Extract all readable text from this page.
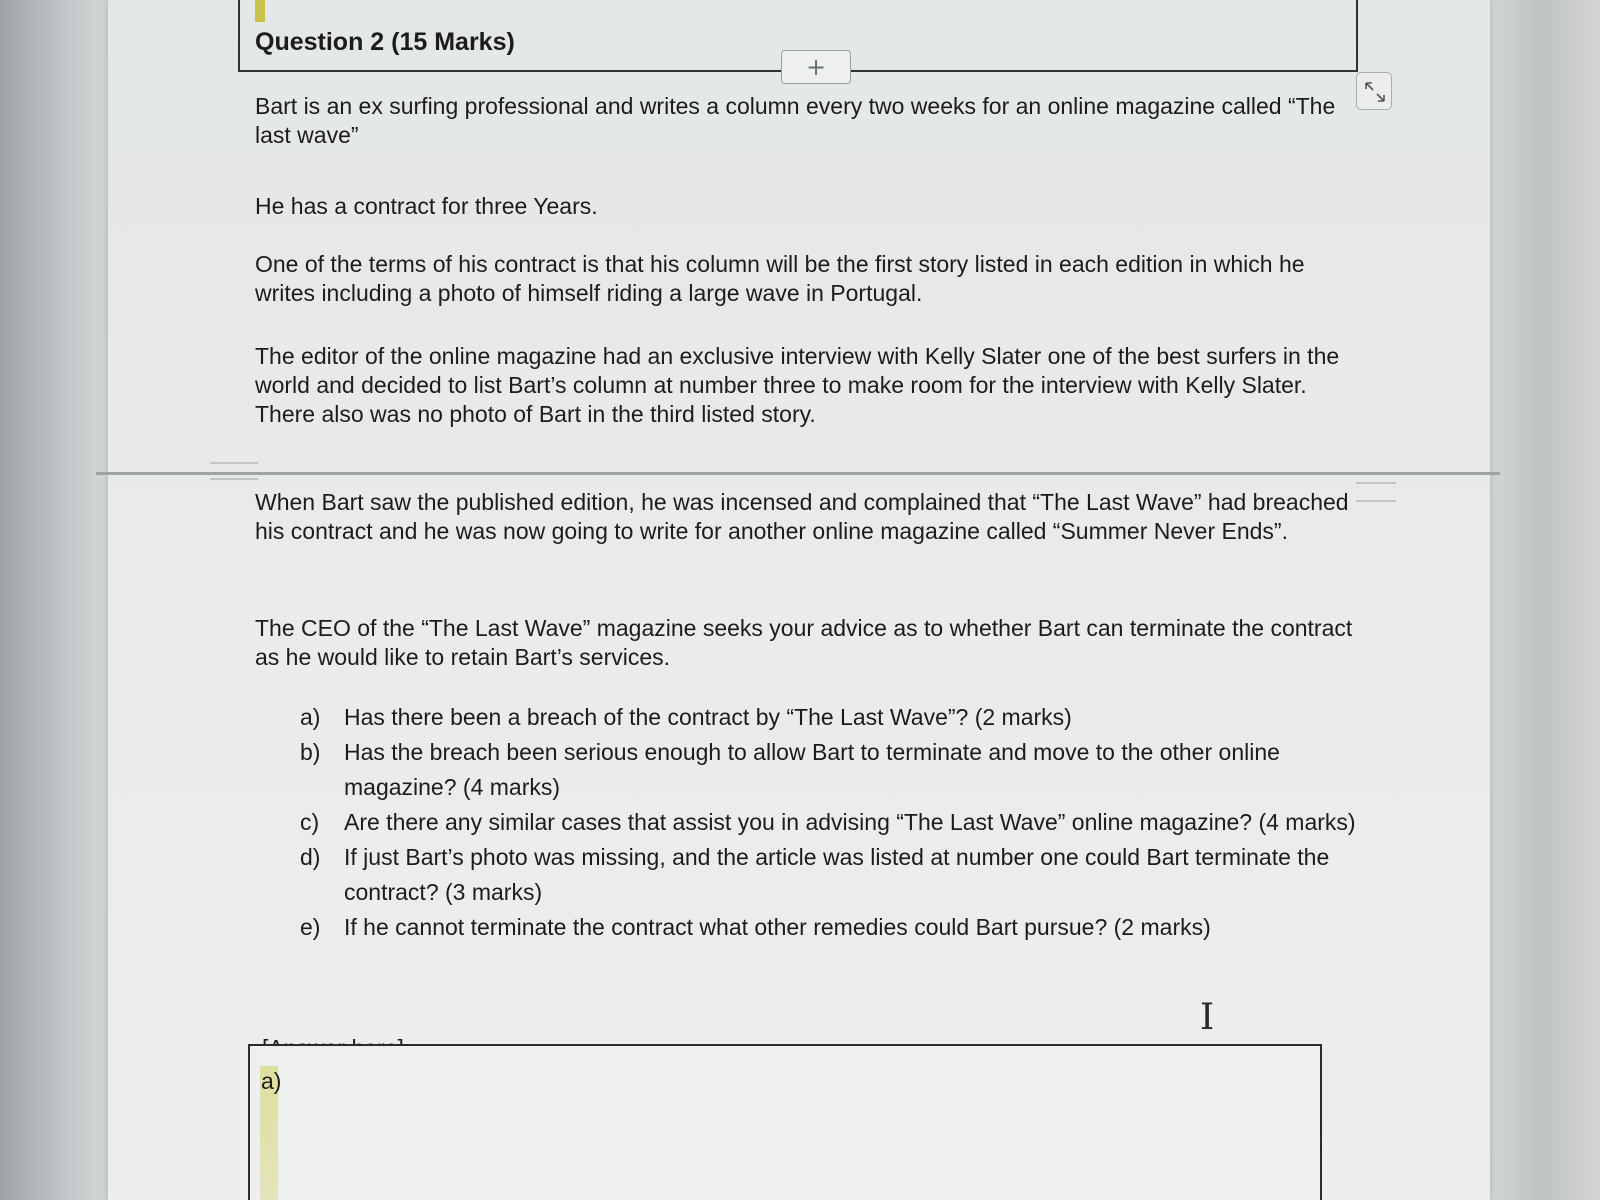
Question 2 (15 Marks)
+

Bart is an ex surfing professional and writes a column every two weeks for an online magazine called “The last wave”

He has a contract for three Years.

One of the terms of his contract is that his column will be the first story listed in each edition in which he writes including a photo of himself riding a large wave in Portugal.

The editor of the online magazine had an exclusive interview with Kelly Slater one of the best surfers in the world and decided to list Bart’s column at number three to make room for the interview with Kelly Slater. There also was no photo of Bart in the third listed story.

When Bart saw the published edition, he was incensed and complained that “The Last Wave” had breached his contract and he was now going to write for another online magazine called “Summer Never Ends”.

The CEO of the “The Last Wave” magazine seeks your advice as to whether Bart can terminate the contract as he would like to retain Bart’s services.

a)	Has there been a breach of the contract by “The Last Wave”? (2 marks)
b)	Has the breach been serious enough to allow Bart to terminate and move to the other online magazine? (4 marks)
c)	Are there any similar cases that assist you in advising “The Last Wave” online magazine? (4 marks)
d)	If just Bart’s photo was missing, and the article was listed at number one could Bart terminate the contract? (3 marks)
e)	If he cannot terminate the contract what other remedies could Bart pursue? (2 marks)
I
a)
